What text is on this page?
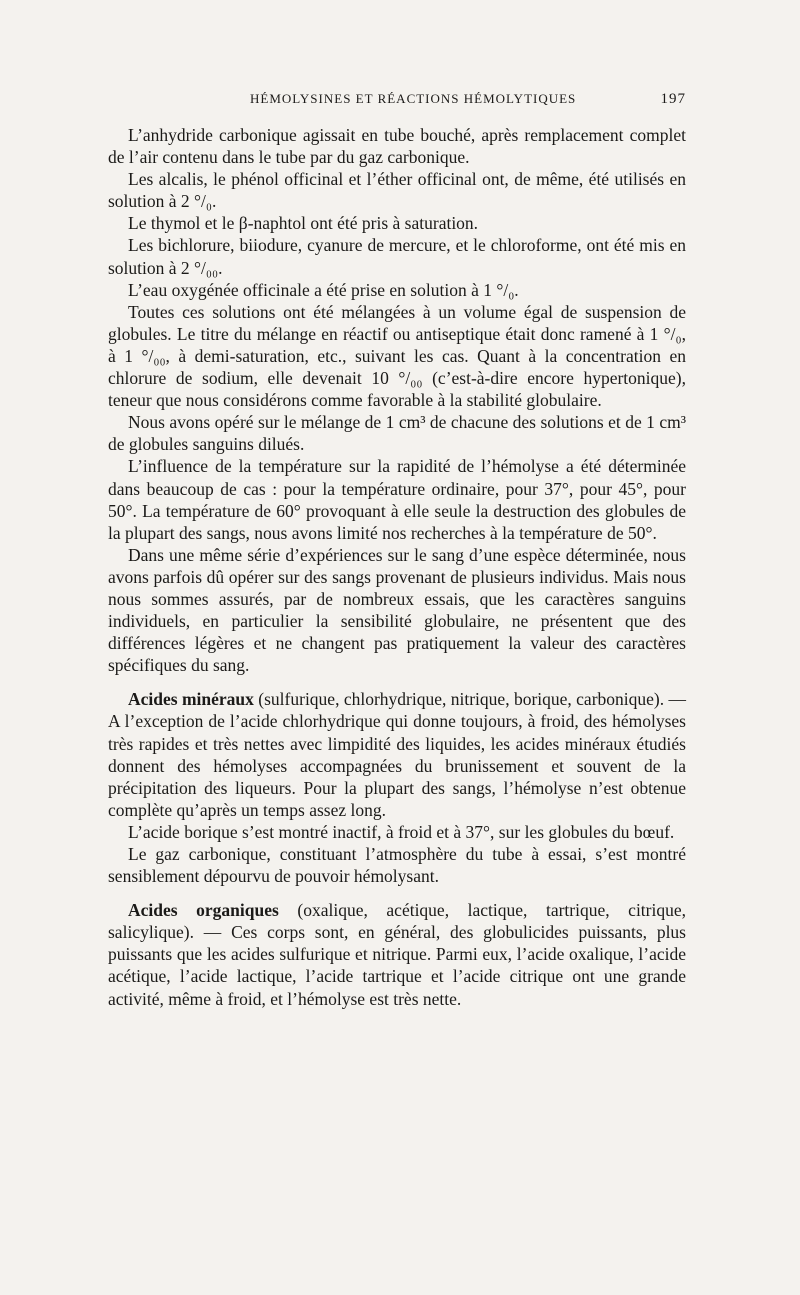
HÉMOLYSINES ET RÉACTIONS HÉMOLYTIQUES	197

L’anhydride carbonique agissait en tube bouché, après remplacement complet de l’air contenu dans le tube par du gaz carbonique.

Les alcalis, le phénol officinal et l’éther officinal ont, de même, été utilisés en solution à 2 °/₀.

Le thymol et le β-naphtol ont été pris à saturation.

Les bichlorure, biiodure, cyanure de mercure, et le chloroforme, ont été mis en solution à 2 °/₀₀.

L’eau oxygénée officinale a été prise en solution à 1 °/₀.

Toutes ces solutions ont été mélangées à un volume égal de suspension de globules. Le titre du mélange en réactif ou antiseptique était donc ramené à 1 °/₀, à 1 °/₀₀, à demi-saturation, etc., suivant les cas. Quant à la concentration en chlorure de sodium, elle devenait 10 °/₀₀ (c’est-à-dire encore hypertonique), teneur que nous considérons comme favorable à la stabilité globulaire.

Nous avons opéré sur le mélange de 1 cm³ de chacune des solutions et de 1 cm³ de globules sanguins dilués.

L’influence de la température sur la rapidité de l’hémolyse a été déterminée dans beaucoup de cas : pour la température ordinaire, pour 37°, pour 45°, pour 50°. La température de 60° provoquant à elle seule la destruction des globules de la plupart des sangs, nous avons limité nos recherches à la température de 50°.

Dans une même série d’expériences sur le sang d’une espèce déterminée, nous avons parfois dû opérer sur des sangs provenant de plusieurs individus. Mais nous nous sommes assurés, par de nombreux essais, que les caractères sanguins individuels, en particulier la sensibilité globulaire, ne présentent que des différences légères et ne changent pas pratiquement la valeur des caractères spécifiques du sang.

Acides minéraux (sulfurique, chlorhydrique, nitrique, borique, carbonique). — A l’exception de l’acide chlorhydrique qui donne toujours, à froid, des hémolyses très rapides et très nettes avec limpidité des liquides, les acides minéraux étudiés donnent des hémolyses accompagnées du brunissement et souvent de la précipitation des liqueurs. Pour la plupart des sangs, l’hémolyse n’est obtenue complète qu’après un temps assez long.

L’acide borique s’est montré inactif, à froid et à 37°, sur les globules du bœuf.

Le gaz carbonique, constituant l’atmosphère du tube à essai, s’est montré sensiblement dépourvu de pouvoir hémolysant.

Acides organiques (oxalique, acétique, lactique, tartrique, citrique, salicylique). — Ces corps sont, en général, des globulicides puissants, plus puissants que les acides sulfurique et nitrique. Parmi eux, l’acide oxalique, l’acide acétique, l’acide lactique, l’acide tartrique et l’acide citrique ont une grande activité, même à froid, et l’hémolyse est très nette.
